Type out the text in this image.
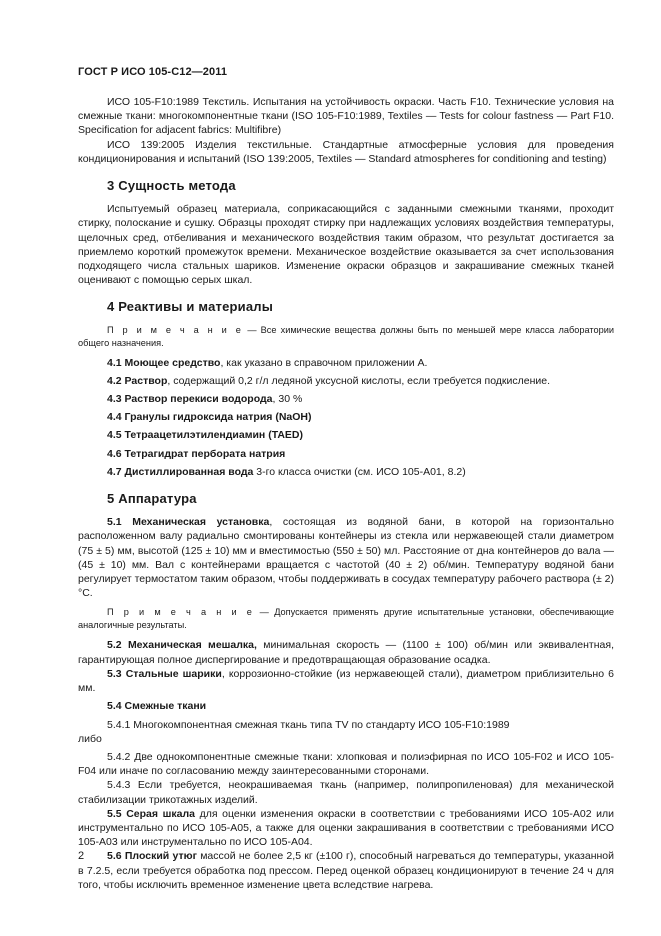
ГОСТ Р ИСО 105-С12—2011

ИСО 105-F10:1989 Текстиль. Испытания на устойчивость окраски. Часть F10. Технические условия на смежные ткани: многокомпонентные ткани (ISO 105-F10:1989, Textiles — Tests for colour fastness — Part F10. Specification for adjacent fabrics: Multifibre)

ИСО 139:2005 Изделия текстильные. Стандартные атмосферные условия для проведения кондиционирования и испытаний (ISO 139:2005, Textiles — Standard atmospheres for conditioning and testing)

3 Сущность метода

Испытуемый образец материала, соприкасающийся с заданными смежными тканями, проходит стирку, полоскание и сушку. Образцы проходят стирку при надлежащих условиях воздействия температуры, щелочных сред, отбеливания и механического воздействия таким образом, что результат достигается за приемлемо короткий промежуток времени. Механическое воздействие оказывается за счет использования подходящего числа стальных шариков. Изменение окраски образцов и закрашивание смежных тканей оценивают с помощью серых шкал.

4 Реактивы и материалы

П р и м е ч а н и е — Все химические вещества должны быть по меньшей мере класса лаборатории общего назначения.

4.1 Моющее средство, как указано в справочном приложении А.
4.2 Раствор, содержащий 0,2 г/л ледяной уксусной кислоты, если требуется подкисление.
4.3 Раствор перекиси водорода, 30 %
4.4 Гранулы гидроксида натрия (NaOH)
4.5 Тетраацетилэтилендиамин (TAED)
4.6 Тетрагидрат пербората натрия
4.7 Дистиллированная вода 3-го класса очистки (см. ИСО 105-А01, 8.2)
5 Аппаратура

5.1 Механическая установка, состоящая из водяной бани, в которой на горизонтально расположенном валу радиально смонтированы контейнеры из стекла или нержавеющей стали диаметром (75 ± 5) мм, высотой (125 ± 10) мм и вместимостью (550 ± 50) мл. Расстояние от дна контейнеров до вала — (45 ± 10) мм. Вал с контейнерами вращается с частотой (40 ± 2) об/мин. Температуру водяной бани регулирует термостатом таким образом, чтобы поддерживать в сосудах температуру рабочего раствора (± 2) °С.

П р и м е ч а н и е — Допускается применять другие испытательные установки, обеспечивающие аналогичные результаты.

5.2 Механическая мешалка, минимальная скорость — (1100 ± 100) об/мин или эквивалентная, гарантирующая полное диспергирование и предотвращающая образование осадка.

5.3 Стальные шарики, коррозионно-стойкие (из нержавеющей стали), диаметром приблизительно 6 мм.

5.4 Смежные ткани

5.4.1 Многокомпонентная смежная ткань типа TV по стандарту ИСО 105-F10:1989

либо

5.4.2 Две однокомпонентные смежные ткани: хлопковая и полиэфирная по ИСО 105-F02 и ИСО 105-F04 или иначе по согласованию между заинтересованными сторонами.

5.4.3 Если требуется, неокрашиваемая ткань (например, полипропиленовая) для механической стабилизации трикотажных изделий.

5.5 Серая шкала для оценки изменения окраски в соответствии с требованиями ИСО 105-А02 или инструментально по ИСО 105-А05, а также для оценки закрашивания в соответствии с требованиями ИСО 105-А03 или инструментально по ИСО 105-А04.

5.6 Плоский утюг массой не более 2,5 кг (±100 г), способный нагреваться до температуры, указанной в 7.2.5, если требуется обработка под прессом. Перед оценкой образец кондиционируют в течение 24 ч для того, чтобы исключить временное изменение цвета вследствие нагрева.

2
